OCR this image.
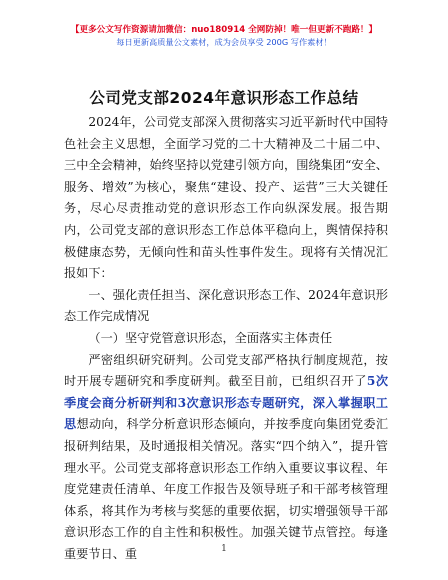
【更多公文写作资源请加微信：nuo180914 全网防掉！唯一但更新不跑路！】
每日更新高质量公文素材，成为会员享受 200G 写作素材！
公司党支部2024年意识形态工作总结

2024年，公司党支部深入贯彻落实习近平新时代中国特色社会主义思想，全面学习党的二十大精神及二十届二中、三中全会精神，始终坚持以党建引领方向，围绕集团“安全、服务、增效”为核心，聚焦“建设、投产、运营”三大关键任务，尽心尽责推动党的意识形态工作向纵深发展。报告期内，公司党支部的意识形态工作总体平稳向上，舆情保持积极健康态势，无倾向性和苗头性事件发生。现将有关情况汇报如下：

一、强化责任担当、深化意识形态工作、2024年意识形态工作完成情况

（一）坚守党管意识形态，全面落实主体责任

严密组织研究研判。公司党支部严格执行制度规范，按时开展专题研究和季度研判。截至目前，已组织召开了5次季度会商分析研判和3次意识形态专题研究，深入掌握职工思想动向，科学分析意识形态倾向，并按季度向集团党委汇报研判结果，及时通报相关情况。落实“四个纳入”，提升管理水平。公司党支部将意识形态工作纳入重要议事议程、年度党建责任清单、年度工作报告及领导班子和干部考核管理体系，将其作为考核与奖惩的重要依据，切实增强领导干部意识形态工作的自主性和积极性。加强关键节点管控。每逢重要节日、重	1
